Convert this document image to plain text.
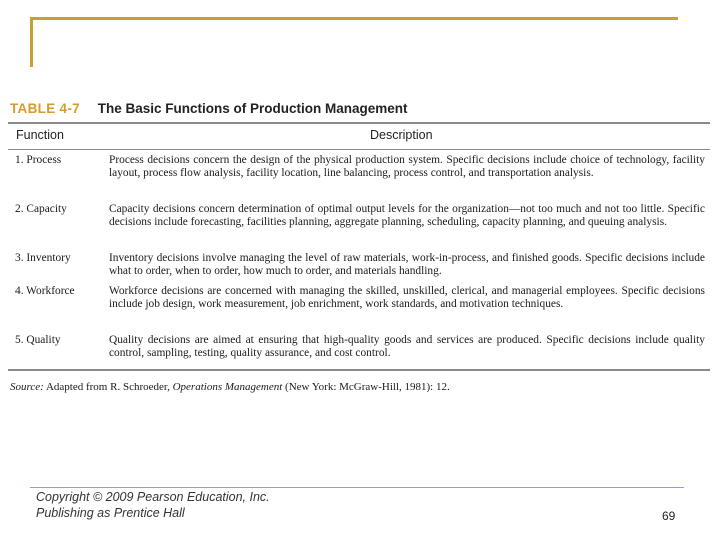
TABLE 4-7 The Basic Functions of Production Management
Function	Description
1. Process	Process decisions concern the design of the physical production system. Specific decisions include choice of technology, facility layout, process flow analysis, facility location, line balancing, process control, and transportation analysis.
2. Capacity	Capacity decisions concern determination of optimal output levels for the organization—not too much and not too little. Specific decisions include forecasting, facilities planning, aggregate planning, scheduling, capacity planning, and queuing analysis.
3. Inventory	Inventory decisions involve managing the level of raw materials, work-in-process, and finished goods. Specific decisions include what to order, when to order, how much to order, and materials handling.
4. Workforce	Workforce decisions are concerned with managing the skilled, unskilled, clerical, and managerial employees. Specific decisions include job design, work measurement, job enrichment, work standards, and motivation techniques.
5. Quality	Quality decisions are aimed at ensuring that high-quality goods and services are produced. Specific decisions include quality control, sampling, testing, quality assurance, and cost control.
Source: Adapted from R. Schroeder, Operations Management (New York: McGraw-Hill, 1981): 12.
Copyright © 2009 Pearson Education, Inc.
Publishing as Prentice Hall	69
